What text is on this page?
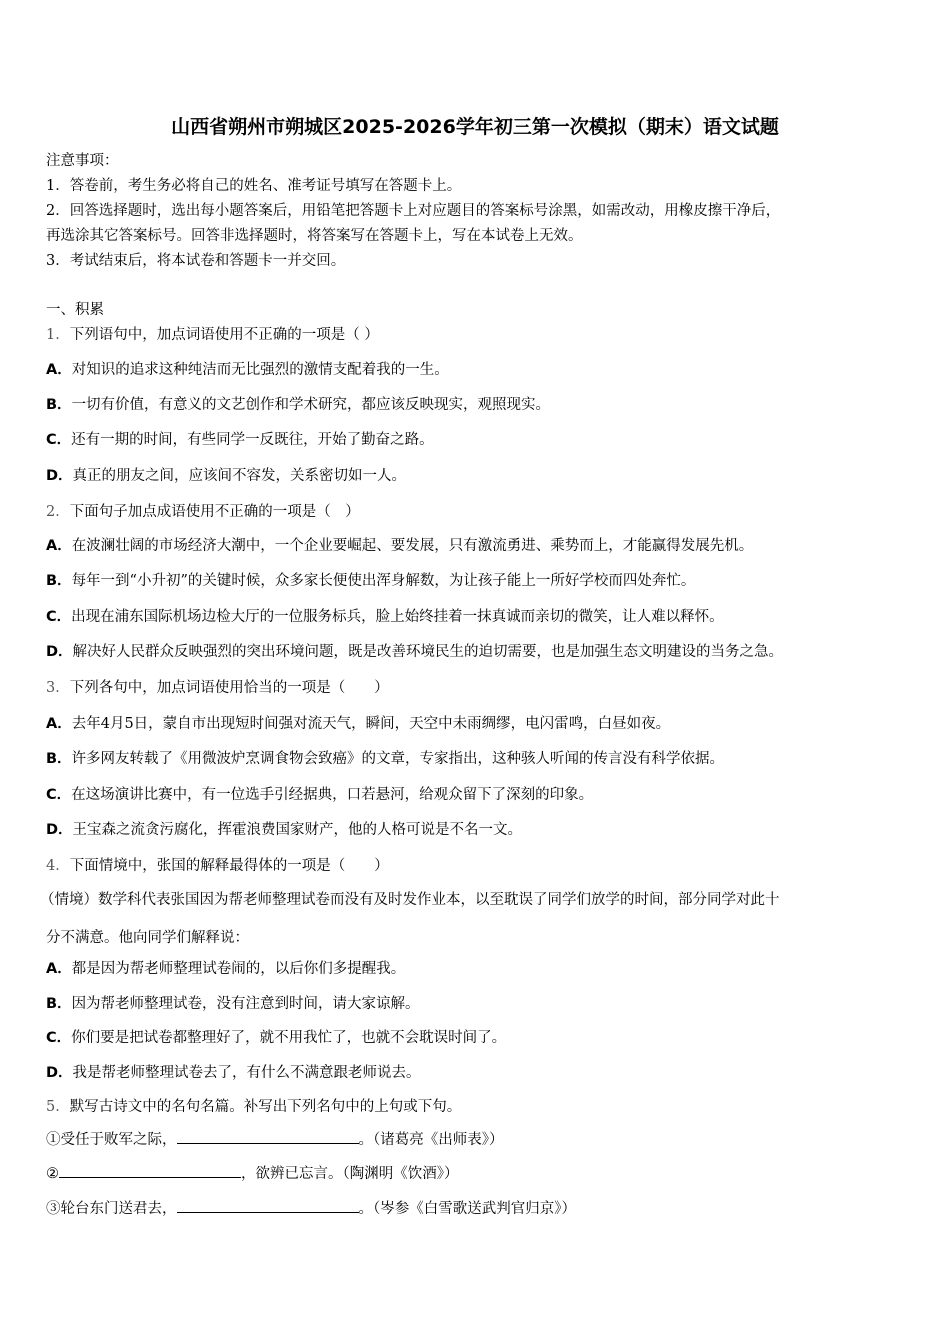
山西省朔州市朔城区2025-2026学年初三第一次模拟（期末）语文试题
注意事项：
1．答卷前，考生务必将自己的姓名、准考证号填写在答题卡上。
2．回答选择题时，选出每小题答案后，用铅笔把答题卡上对应题目的答案标号涂黑，如需改动，用橡皮擦干净后，
再选涂其它答案标号。回答非选择题时，将答案写在答题卡上，写在本试卷上无效。
3．考试结束后，将本试卷和答题卡一并交回。
一、积累
1．下列语句中，加点词语使用不正确的一项是（ ）
A．对知识的追求这种纯洁而无比强烈的激情支配着我的一生。
B．一切有价值，有意义的文艺创作和学术研究，都应该反映现实，观照现实。
C．还有一期的时间，有些同学一反既往，开始了勤奋之路。
D．真正的朋友之间，应该间不容发，关系密切如一人。
2．下面句子加点成语使用不正确的一项是（　）
A．在波澜壮阔的市场经济大潮中，一个企业要崛起、要发展，只有激流勇进、乘势而上，才能赢得发展先机。
B．每年一到“小升初”的关键时候，众多家长便使出浑身解数，为让孩子能上一所好学校而四处奔忙。
C．出现在浦东国际机场边检大厅的一位服务标兵，脸上始终挂着一抹真诚而亲切的微笑，让人难以释怀。
D．解决好人民群众反映强烈的突出环境问题，既是改善环境民生的迫切需要，也是加强生态文明建设的当务之急。
3．下列各句中，加点词语使用恰当的一项是（　　）
A．去年4月5日，蒙自市出现短时间强对流天气，瞬间，天空中未雨绸缪，电闪雷鸣，白昼如夜。
B．许多网友转载了《用微波炉烹调食物会致癌》的文章，专家指出，这种骇人听闻的传言没有科学依据。
C．在这场演讲比赛中，有一位选手引经据典，口若悬河，给观众留下了深刻的印象。
D．王宝森之流贪污腐化，挥霍浪费国家财产，他的人格可说是不名一文。
4．下面情境中，张国的解释最得体的一项是（　　）
（情境）数学科代表张国因为帮老师整理试卷而没有及时发作业本，以至耽误了同学们放学的时间，部分同学对此十
分不满意。他向同学们解释说：
A．都是因为帮老师整理试卷闹的，以后你们多提醒我。
B．因为帮老师整理试卷，没有注意到时间，请大家谅解。
C．你们要是把试卷都整理好了，就不用我忙了，也就不会耽误时间了。
D．我是帮老师整理试卷去了，有什么不满意跟老师说去。
5．默写古诗文中的名句名篇。补写出下列名句中的上句或下句。
①受任于败军之际，	。（诸葛亮《出师表》）
②	，欲辨已忘言。（陶渊明《饮酒》）
③轮台东门送君去，	。（岑参《白雪歌送武判官归京》）
